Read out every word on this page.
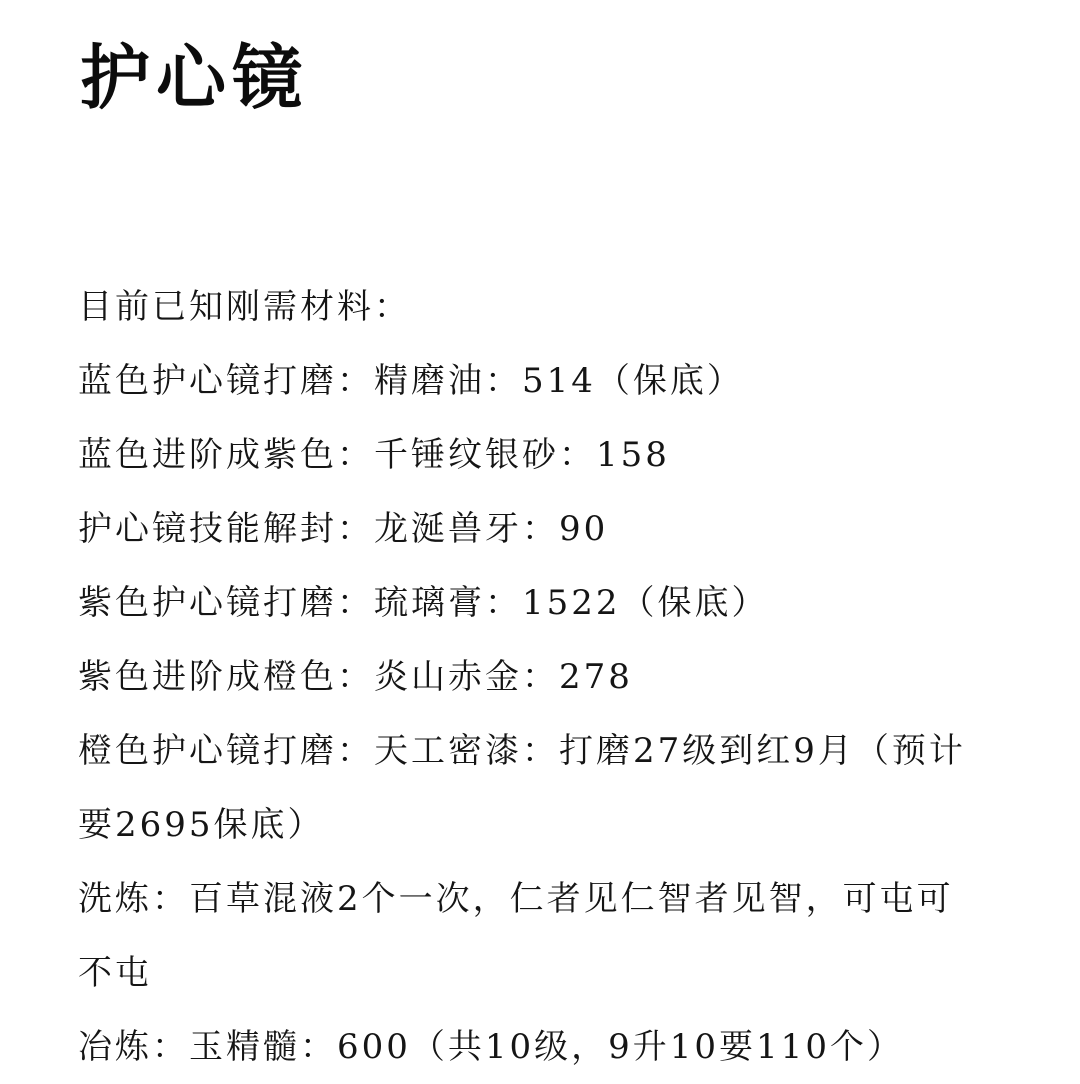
护心镜

目前已知刚需材料：

蓝色护心镜打磨：精磨油：514（保底）

蓝色进阶成紫色：千锤纹银砂：158

护心镜技能解封：龙涎兽牙：90

紫色护心镜打磨：琉璃膏：1522（保底）

紫色进阶成橙色：炎山赤金：278

橙色护心镜打磨：天工密漆：打磨27级到红9月（预计

要2695保底）

洗炼：百草混液2个一次，仁者见仁智者见智，可屯可

不屯

冶炼：玉精髓：600（共10级，9升10要110个）
